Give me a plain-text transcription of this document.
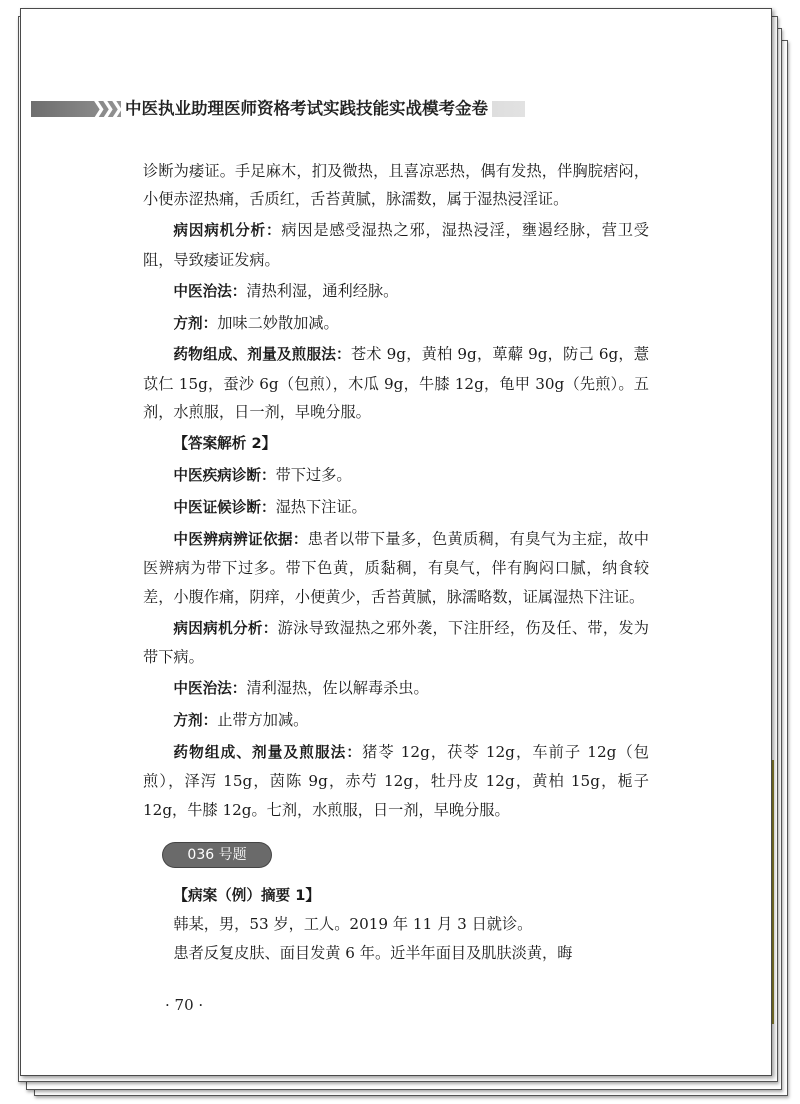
❯❯❯ 中医执业助理医师资格考试实践技能实战模考金卷

诊断为痿证。手足麻木，扪及微热，且喜凉恶热，偶有发热，伴胸脘痞闷，小便赤涩热痛，舌质红，舌苔黄腻，脉濡数，属于湿热浸淫证。

病因病机分析：病因是感受湿热之邪，湿热浸淫，壅遏经脉，营卫受阻，导致痿证发病。

中医治法：清热利湿，通利经脉。

方剂：加味二妙散加减。

药物组成、剂量及煎服法：苍术 9g，黄柏 9g，萆薢 9g，防己 6g，薏苡仁 15g，蚕沙 6g（包煎），木瓜 9g，牛膝 12g，龟甲 30g（先煎）。五剂，水煎服，日一剂，早晚分服。

【答案解析 2】

中医疾病诊断：带下过多。

中医证候诊断：湿热下注证。

中医辨病辨证依据：患者以带下量多，色黄质稠，有臭气为主症，故中医辨病为带下过多。带下色黄，质黏稠，有臭气，伴有胸闷口腻，纳食较差，小腹作痛，阴痒，小便黄少，舌苔黄腻，脉濡略数，证属湿热下注证。

病因病机分析：游泳导致湿热之邪外袭，下注肝经，伤及任、带，发为带下病。

中医治法：清利湿热，佐以解毒杀虫。

方剂：止带方加减。

药物组成、剂量及煎服法：猪苓 12g，茯苓 12g，车前子 12g（包煎），泽泻 15g，茵陈 9g，赤芍 12g，牡丹皮 12g，黄柏 15g，栀子 12g，牛膝 12g。七剂，水煎服，日一剂，早晚分服。

036 号题
【病案（例）摘要 1】
韩某，男，53 岁，工人。2019 年 11 月 3 日就诊。
患者反复皮肤、面目发黄 6 年。近半年面目及肌肤淡黄，晦
· 70 ·
